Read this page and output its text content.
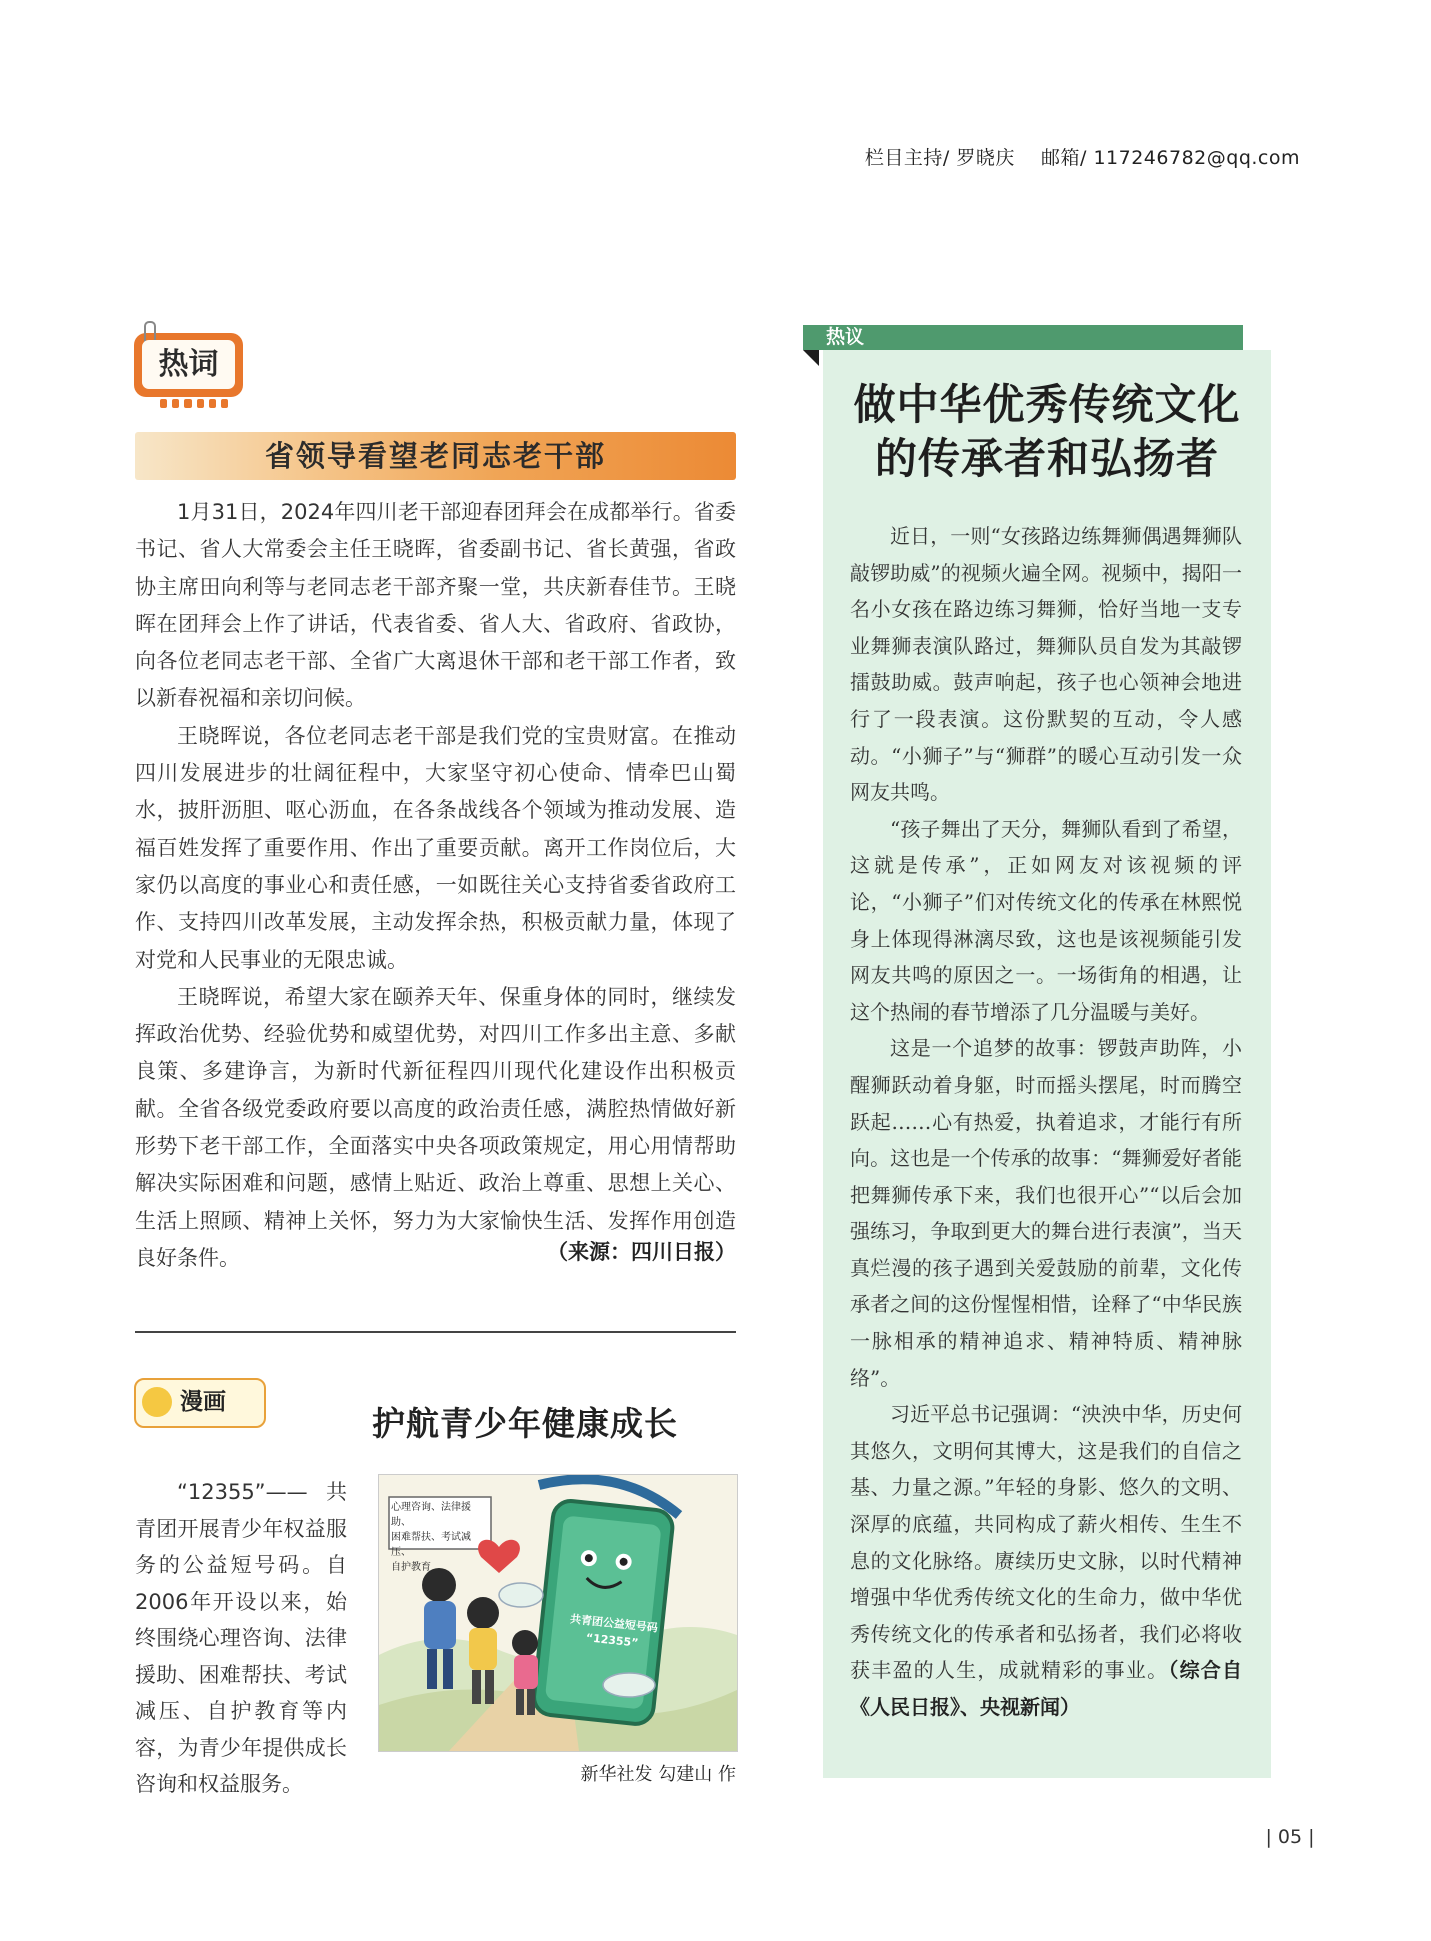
栏目主持/ 罗晓庆 邮箱/ 117246782@qq.com
热词
省领导看望老同志老干部

1月31日，2024年四川老干部迎春团拜会在成都举行。省委书记、省人大常委会主任王晓晖，省委副书记、省长黄强，省政协主席田向利等与老同志老干部齐聚一堂，共庆新春佳节。王晓晖在团拜会上作了讲话，代表省委、省人大、省政府、省政协，向各位老同志老干部、全省广大离退休干部和老干部工作者，致以新春祝福和亲切问候。

王晓晖说，各位老同志老干部是我们党的宝贵财富。在推动四川发展进步的壮阔征程中，大家坚守初心使命、情牵巴山蜀水，披肝沥胆、呕心沥血，在各条战线各个领域为推动发展、造福百姓发挥了重要作用、作出了重要贡献。离开工作岗位后，大家仍以高度的事业心和责任感，一如既往关心支持省委省政府工作、支持四川改革发展，主动发挥余热，积极贡献力量，体现了对党和人民事业的无限忠诚。

王晓晖说，希望大家在颐养天年、保重身体的同时，继续发挥政治优势、经验优势和威望优势，对四川工作多出主意、多献良策、多建诤言，为新时代新征程四川现代化建设作出积极贡献。全省各级党委政府要以高度的政治责任感，满腔热情做好新形势下老干部工作，全面落实中央各项政策规定，用心用情帮助解决实际困难和问题，感情上贴近、政治上尊重、思想上关心、生活上照顾、精神上关怀，努力为大家愉快生活、发挥作用创造良好条件。	（来源：四川日报）
漫画
护航青少年健康成长

“12355”—— 共青团开展青少年权益服务的公益短号码。自2006年开设以来，始终围绕心理咨询、法律援助、困难帮扶、考试减压、自护教育等内容，为青少年提供成长咨询和权益服务。

心理咨询、法律援助、
困难帮扶、考试减压、
自护教育
共青团公益短号码
“12355”
新华社发 勾建山 作
热议
做中华优秀传统文化
的传承者和弘扬者

近日，一则“女孩路边练舞狮偶遇舞狮队敲锣助威”的视频火遍全网。视频中，揭阳一名小女孩在路边练习舞狮，恰好当地一支专业舞狮表演队路过，舞狮队员自发为其敲锣擂鼓助威。鼓声响起，孩子也心领神会地进行了一段表演。这份默契的互动，令人感动。“小狮子”与“狮群”的暖心互动引发一众网友共鸣。

“孩子舞出了天分，舞狮队看到了希望，这就是传承”，正如网友对该视频的评论，“小狮子”们对传统文化的传承在林熙悦身上体现得淋漓尽致，这也是该视频能引发网友共鸣的原因之一。一场街角的相遇，让这个热闹的春节增添了几分温暖与美好。

这是一个追梦的故事：锣鼓声助阵，小醒狮跃动着身躯，时而摇头摆尾，时而腾空跃起……心有热爱，执着追求，才能行有所向。这也是一个传承的故事：“舞狮爱好者能把舞狮传承下来，我们也很开心”“以后会加强练习，争取到更大的舞台进行表演”，当天真烂漫的孩子遇到关爱鼓励的前辈，文化传承者之间的这份惺惺相惜，诠释了“中华民族一脉相承的精神追求、精神特质、精神脉络”。

习近平总书记强调：“泱泱中华，历史何其悠久，文明何其博大，这是我们的自信之基、力量之源。”年轻的身影、悠久的文明、深厚的底蕴，共同构成了薪火相传、生生不息的文化脉络。赓续历史文脉，以时代精神增强中华优秀传统文化的生命力，做中华优秀传统文化的传承者和弘扬者，我们必将收获丰盈的人生，成就精彩的事业。（综合自《人民日报》、央视新闻）

| 05 |
